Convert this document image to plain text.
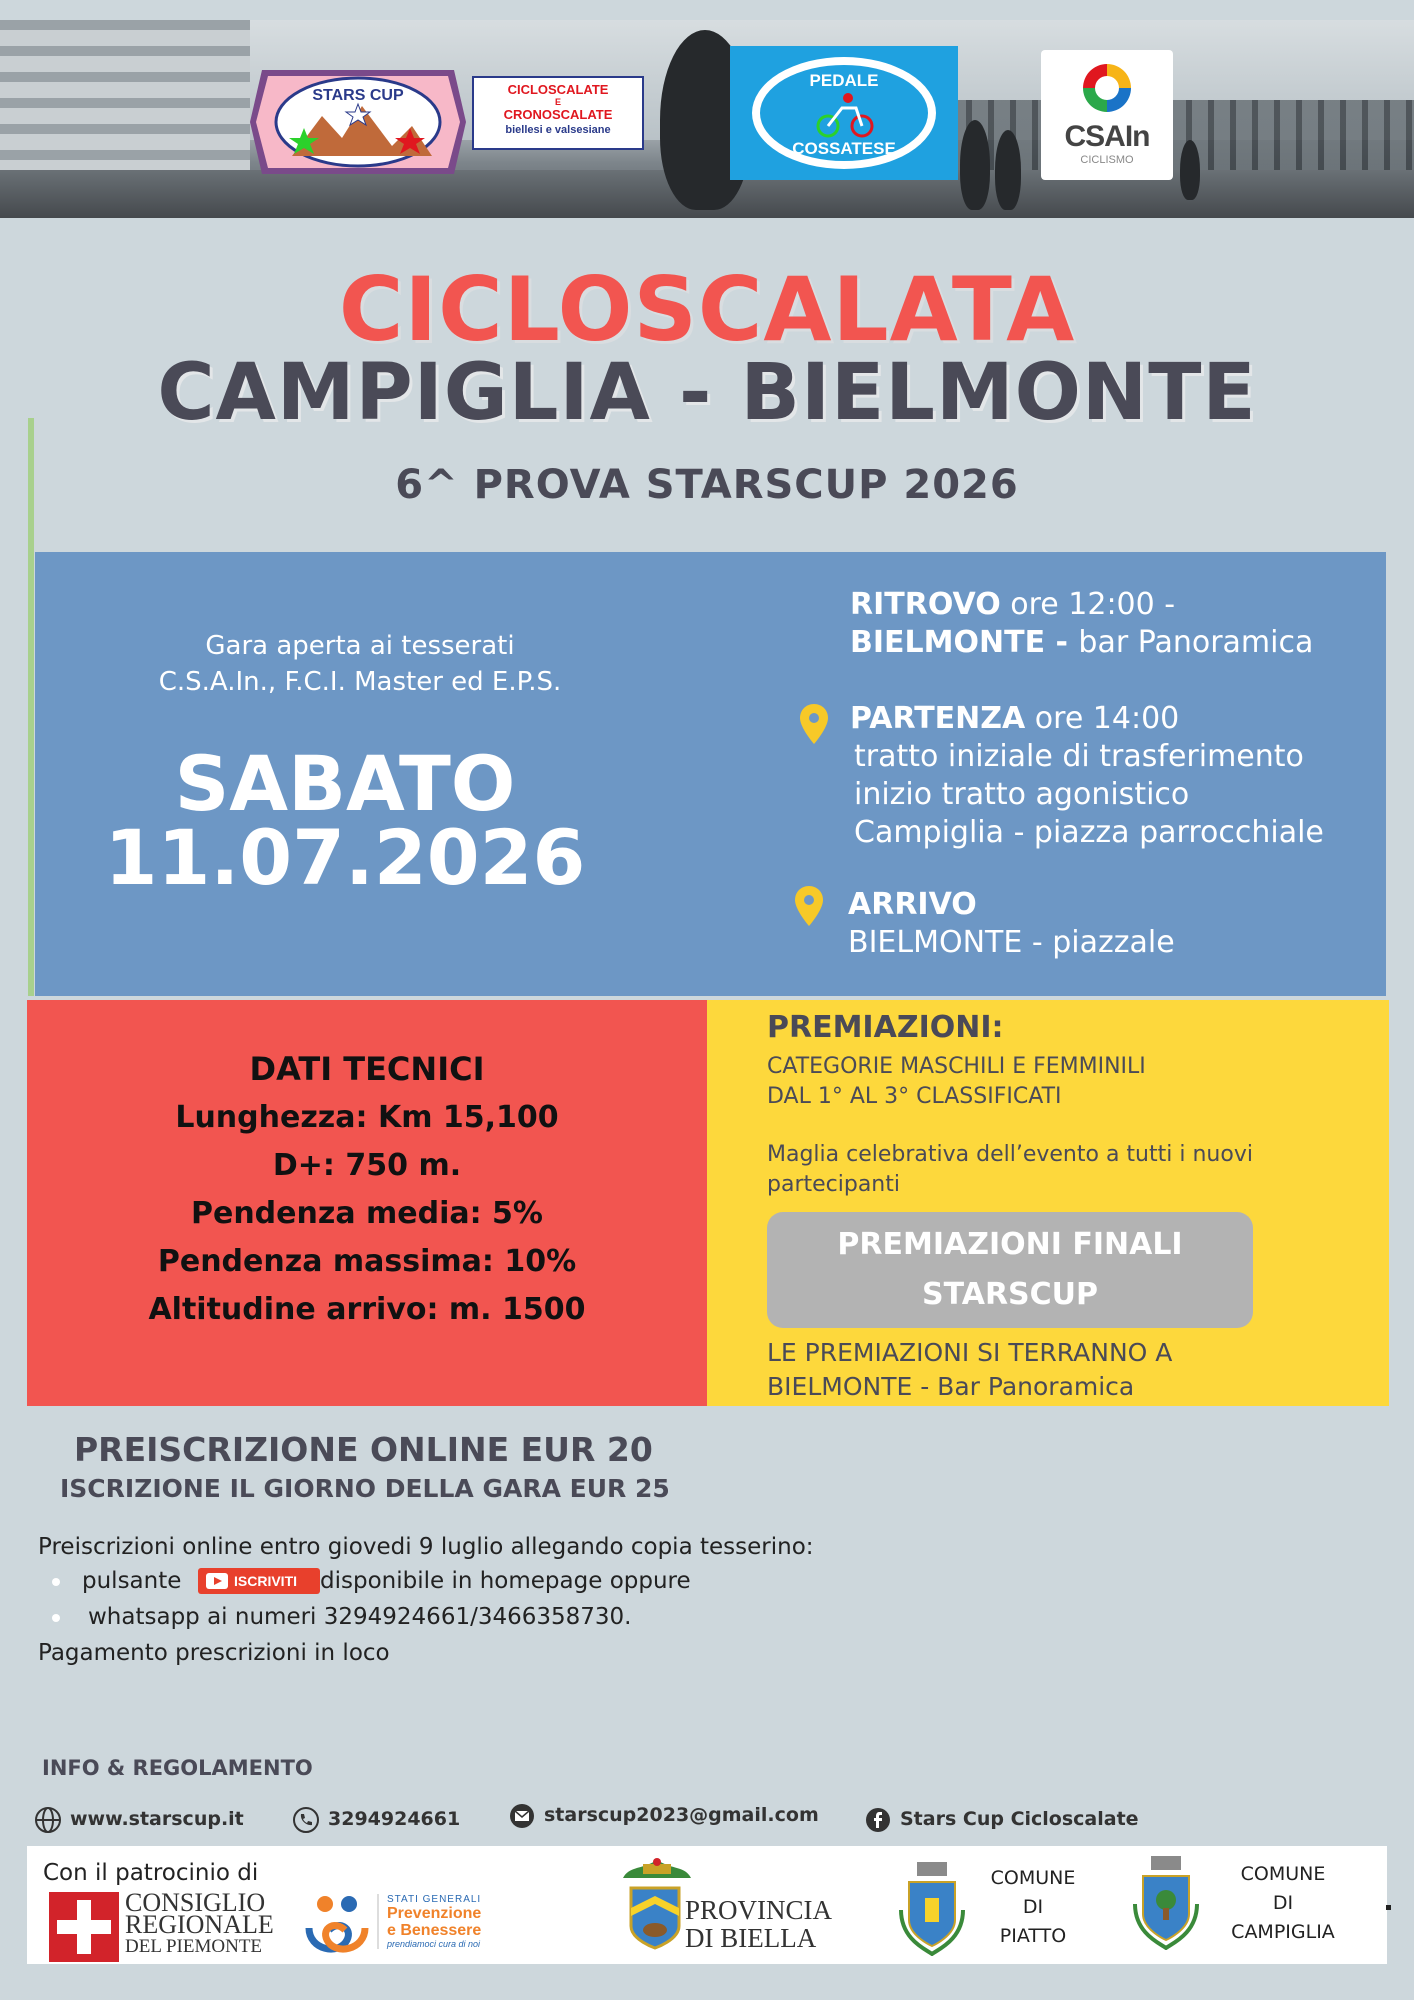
STARS CUP	CICLOSCALATE
E
CRONOSCALATE
biellesi e valsesiane
PEDALE
COSSATESE	CSAIn
CICLISMO
CICLOSCALATA
CAMPIGLIA - BIELMONTE
6^ PROVA STARSCUP 2026
Gara aperta ai tesserati
C.S.A.In., F.C.I. Master ed E.P.S.
SABATO
11.07.2026
RITROVO ore 12:00 -
BIELMONTE - bar Panoramica
PARTENZA ore 14:00
tratto iniziale di trasferimento
inizio tratto agonistico
Campiglia - piazza parrocchiale
ARRIVO
BIELMONTE - piazzale
DATI TECNICI
Lunghezza: Km 15,100
D+: 750 m.
Pendenza media: 5%
Pendenza massima: 10%
Altitudine arrivo: m. 1500
PREMIAZIONI:
CATEGORIE MASCHILI E FEMMINILI
DAL 1° AL 3° CLASSIFICATI
Maglia celebrativa dell’evento a tutti i nuovi
partecipanti
PREMIAZIONI FINALI
STARSCUP
LE PREMIAZIONI SI TERRANNO A
BIELMONTE - Bar Panoramica
PREISCRIZIONE ONLINE EUR 20
ISCRIZIONE IL GIORNO DELLA GARA EUR 25
Preiscrizioni online entro giovedi 9 luglio allegando copia tesserino:
pulsante	ISCRIVITI disponibile in homepage oppure
whatsapp ai numeri 3294924661/3466358730.
Pagamento prescrizioni in loco
INFO & REGOLAMENTO
www.starscup.it	3294924661	starscup2023@gmail.com	Stars Cup Cicloscalate
Con il patrocinio di
CONSIGLIO
REGIONALE
DEL PIEMONTE
STATI GENERALI
Prevenzione
e Benessere
prendiamoci cura di noi
PROVINCIA
DI BIELLA
COMUNE
DI
PIATTO
COMUNE
DI
CAMPIGLIA
